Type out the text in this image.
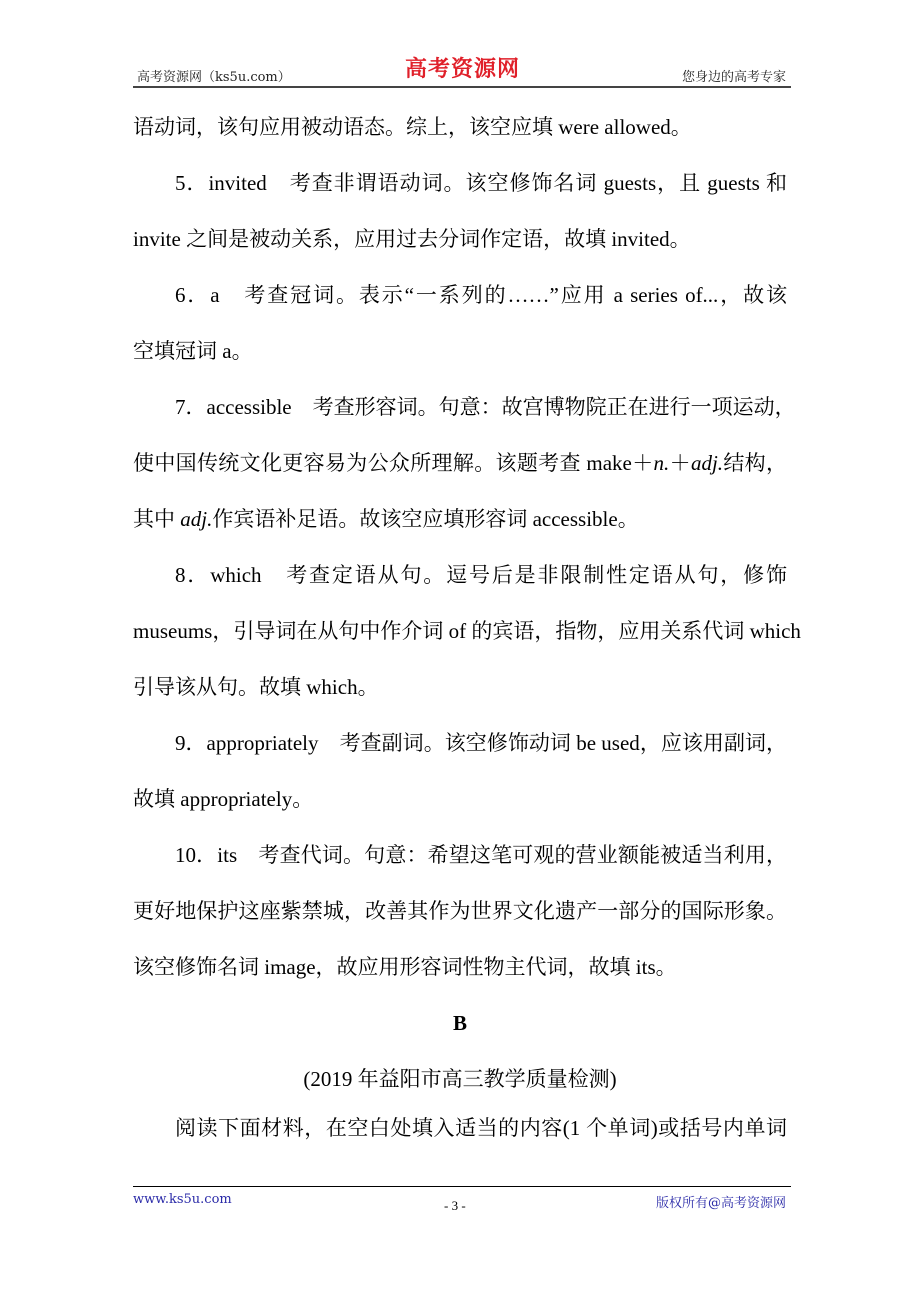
高考资源网（ks5u.com）	高考资源网	您身边的高考专家
语动词，该句应用被动语态。综上，该空应填 were allowed。
5．invited　考查非谓语动词。该空修饰名词 guests，且 guests 和
invite 之间是被动关系，应用过去分词作定语，故填 invited。
6．a　考查冠词。表示“一系列的……”应用 a series of...，故该
空填冠词 a。
7．accessible　考查形容词。句意：故宫博物院正在进行一项运动，
使中国传统文化更容易为公众所理解。该题考查 make＋n.＋adj.结构，
其中 adj.作宾语补足语。故该空应填形容词 accessible。
8．which　考查定语从句。逗号后是非限制性定语从句，修饰
museums，引导词在从句中作介词 of 的宾语，指物，应用关系代词 which
引导该从句。故填 which。
9．appropriately　考查副词。该空修饰动词 be used，应该用副词，
故填 appropriately。
10．its　考查代词。句意：希望这笔可观的营业额能被适当利用，
更好地保护这座紫禁城，改善其作为世界文化遗产一部分的国际形象。
该空修饰名词 image，故应用形容词性物主代词，故填 its。
B
(2019 年益阳市高三教学质量检测)
阅读下面材料，在空白处填入适当的内容(1 个单词)或括号内单词
www.ks5u.com	- 3 -	版权所有@高考资源网
